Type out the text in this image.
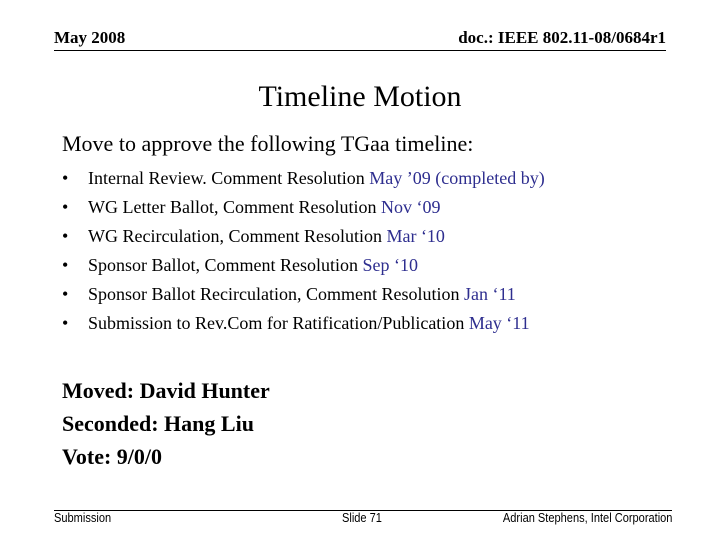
May 2008	doc.: IEEE 802.11-08/0684r1
Timeline Motion
Move to approve the following TGaa timeline:
• Internal Review. Comment Resolution May ’09 (completed by)
• WG Letter Ballot, Comment Resolution Nov ‘09
• WG Recirculation, Comment Resolution Mar ‘10
• Sponsor Ballot, Comment Resolution Sep ‘10
• Sponsor Ballot Recirculation, Comment Resolution Jan ‘11
• Submission to Rev.Com for Ratification/Publication May ‘11
Moved: David Hunter
Seconded: Hang Liu
Vote: 9/0/0
Submission	Slide 71	Adrian Stephens, Intel Corporation
